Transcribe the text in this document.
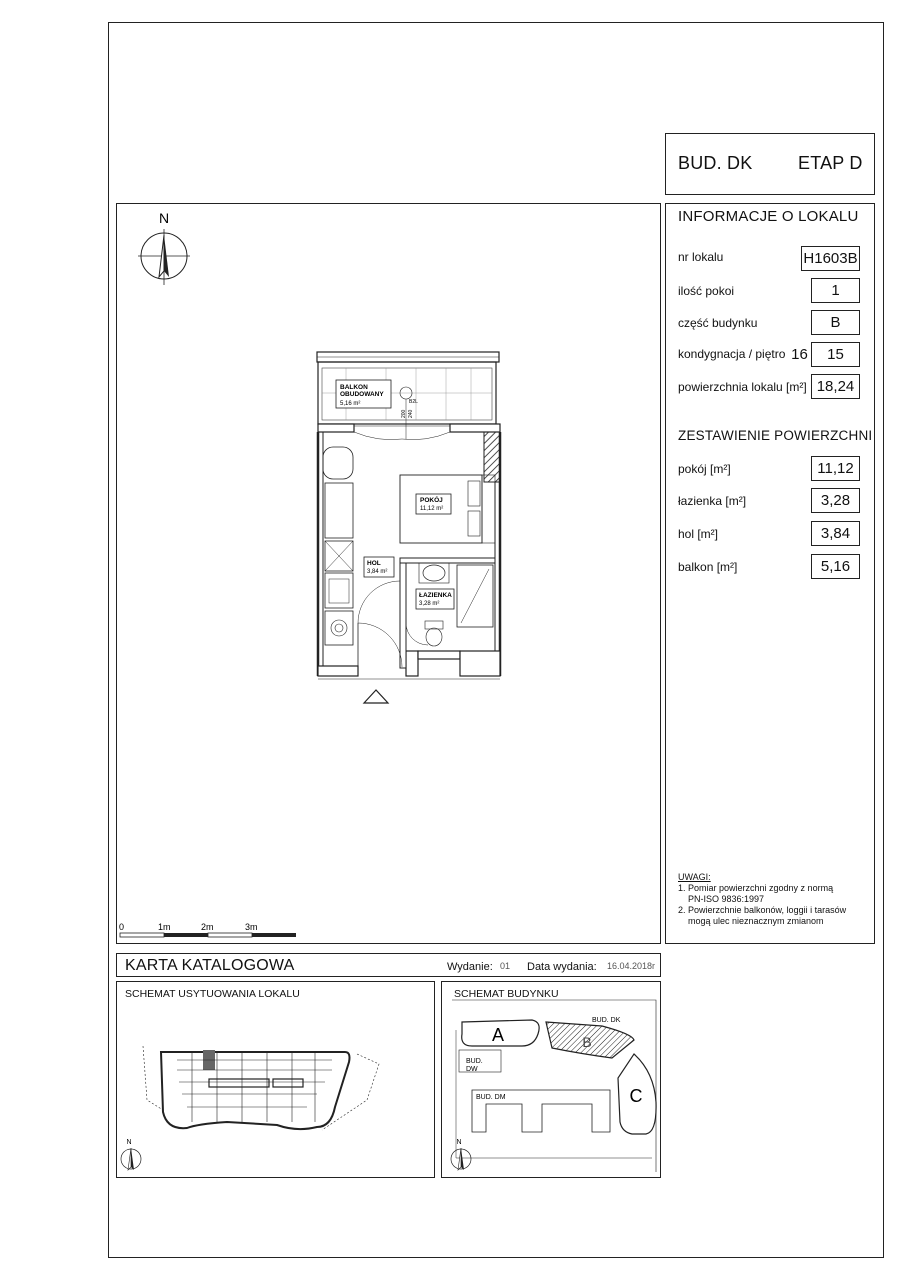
BUD. DK	ETAP D
INFORMACJE O LOKALU
nr lokalu	H1603B
ilość pokoi	1
część budynku	B
kondygnacja / piętro 16	15
powierzchnia lokalu [m²] 18,24
ZESTAWIENIE POWIERZCHNI
pokój [m²]	11,12
łazienka [m²]	3,28
hol [m²]	3,84
balkon [m²]	5,16
UWAGI:
1. Pomiar powierzchni zgodny z normą
PN-ISO 9836:1997
2. Powierzchnie balkonów, loggii i tarasów
mogą ulec nieznacznym zmianom
N
BALKON
OBUDOWANY
5,16 m²	B2L
200 240
POKÓJ
11,12 m²
HOL
3,84 m²
ŁAZIENKA
3,28 m²
0	1m	2m	3m
KARTA KATALOGOWA	Wydanie: 01 Data wydania: 16.04.2018r
SCHEMAT USYTUOWANIA LOKALU
N
SCHEMAT BUDYNKU
A	B
BUD. DK
C
BUD.
DW
BUD. DM
N
